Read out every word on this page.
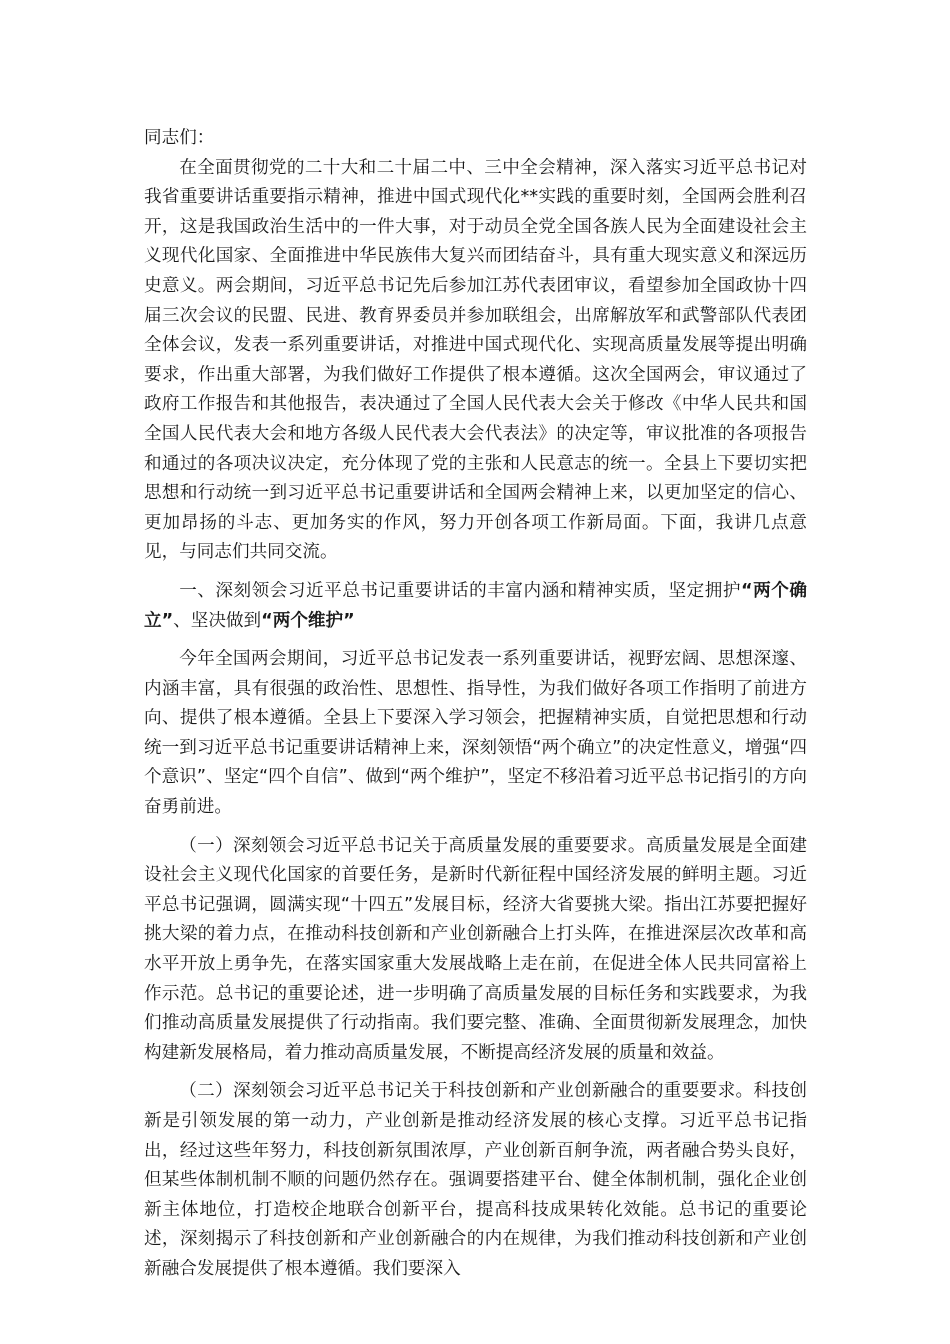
同志们：

在全面贯彻党的二十大和二十届二中、三中全会精神，深入落实习近平总书记对我省重要讲话重要指示精神，推进中国式现代化**实践的重要时刻，全国两会胜利召开，这是我国政治生活中的一件大事，对于动员全党全国各族人民为全面建设社会主义现代化国家、全面推进中华民族伟大复兴而团结奋斗，具有重大现实意义和深远历史意义。两会期间，习近平总书记先后参加江苏代表团审议，看望参加全国政协十四届三次会议的民盟、民进、教育界委员并参加联组会，出席解放军和武警部队代表团全体会议，发表一系列重要讲话，对推进中国式现代化、实现高质量发展等提出明确要求，作出重大部署，为我们做好工作提供了根本遵循。这次全国两会，审议通过了政府工作报告和其他报告，表决通过了全国人民代表大会关于修改《中华人民共和国全国人民代表大会和地方各级人民代表大会代表法》的决定等，审议批准的各项报告和通过的各项决议决定，充分体现了党的主张和人民意志的统一。全县上下要切实把思想和行动统一到习近平总书记重要讲话和全国两会精神上来，以更加坚定的信心、更加昂扬的斗志、更加务实的作风，努力开创各项工作新局面。下面，我讲几点意见，与同志们共同交流。

一、深刻领会习近平总书记重要讲话的丰富内涵和精神实质，坚定拥护“两个确立”、坚决做到“两个维护”

今年全国两会期间，习近平总书记发表一系列重要讲话，视野宏阔、思想深邃、内涵丰富，具有很强的政治性、思想性、指导性，为我们做好各项工作指明了前进方向、提供了根本遵循。全县上下要深入学习领会，把握精神实质，自觉把思想和行动统一到习近平总书记重要讲话精神上来，深刻领悟“两个确立”的决定性意义，增强“四个意识”、坚定“四个自信”、做到“两个维护”，坚定不移沿着习近平总书记指引的方向奋勇前进。

（一）深刻领会习近平总书记关于高质量发展的重要要求。高质量发展是全面建设社会主义现代化国家的首要任务，是新时代新征程中国经济发展的鲜明主题。习近平总书记强调，圆满实现“十四五”发展目标，经济大省要挑大梁。指出江苏要把握好挑大梁的着力点，在推动科技创新和产业创新融合上打头阵，在推进深层次改革和高水平开放上勇争先，在落实国家重大发展战略上走在前，在促进全体人民共同富裕上作示范。总书记的重要论述，进一步明确了高质量发展的目标任务和实践要求，为我们推动高质量发展提供了行动指南。我们要完整、准确、全面贯彻新发展理念，加快构建新发展格局，着力推动高质量发展，不断提高经济发展的质量和效益。

（二）深刻领会习近平总书记关于科技创新和产业创新融合的重要要求。科技创新是引领发展的第一动力，产业创新是推动经济发展的核心支撑。习近平总书记指出，经过这些年努力，科技创新氛围浓厚，产业创新百舸争流，两者融合势头良好，但某些体制机制不顺的问题仍然存在。强调要搭建平台、健全体制机制，强化企业创新主体地位，打造校企地联合创新平台，提高科技成果转化效能。总书记的重要论述，深刻揭示了科技创新和产业创新融合的内在规律，为我们推动科技创新和产业创新融合发展提供了根本遵循。我们要深入
